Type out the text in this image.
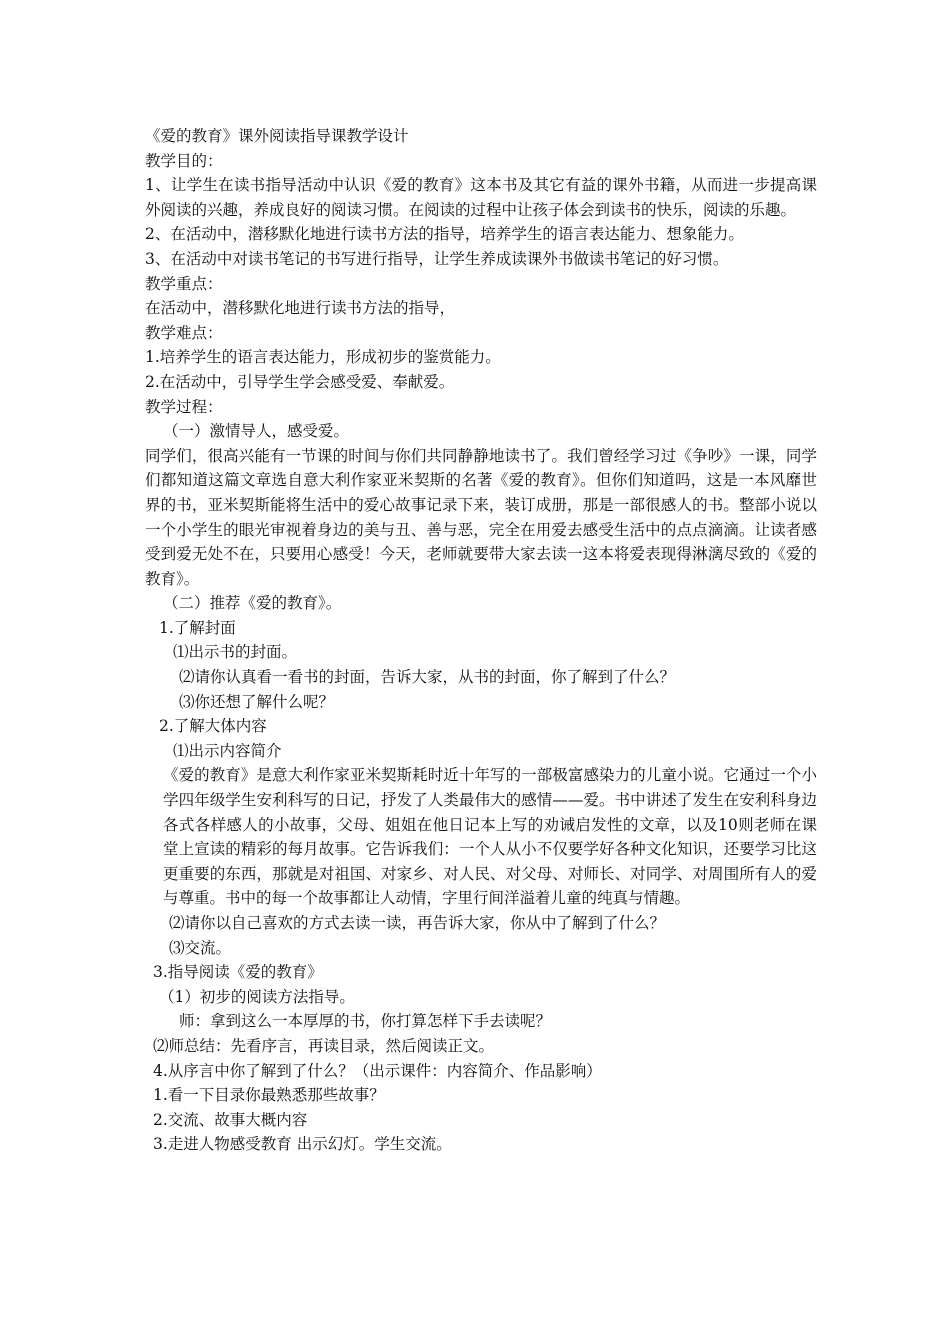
《爱的教育》课外阅读指导课教学设计

教学目的：

1、让学生在读书指导活动中认识《爱的教育》这本书及其它有益的课外书籍，从而进一步提高课外阅读的兴趣，养成良好的阅读习惯。在阅读的过程中让孩子体会到读书的快乐，阅读的乐趣。

2、在活动中，潜移默化地进行读书方法的指导，培养学生的语言表达能力、想象能力。

3、在活动中对读书笔记的书写进行指导，让学生养成读课外书做读书笔记的好习惯。

教学重点：

在活动中，潜移默化地进行读书方法的指导，

教学难点：

1.培养学生的语言表达能力，形成初步的鉴赏能力。

2.在活动中，引导学生学会感受爱、奉献爱。

教学过程：

（一）激情导人，感受爱。

同学们，很高兴能有一节课的时间与你们共同静静地读书了。我们曾经学习过《争吵》一课，同学们都知道这篇文章选自意大利作家亚米契斯的名著《爱的教育》。但你们知道吗，这是一本风靡世界的书，亚米契斯能将生活中的爱心故事记录下来，装订成册，那是一部很感人的书。整部小说以一个小学生的眼光审视着身边的美与丑、善与恶，完全在用爱去感受生活中的点点滴滴。让读者感受到爱无处不在，只要用心感受！今天，老师就要带大家去读一这本将爱表现得淋漓尽致的《爱的教育》。

（二）推荐《爱的教育》。

1.了解封面

⑴出示书的封面。

⑵请你认真看一看书的封面，告诉大家，从书的封面，你了解到了什么？

⑶你还想了解什么呢？

2.了解大体内容

⑴出示内容简介

《爱的教育》是意大利作家亚米契斯耗时近十年写的一部极富感染力的儿童小说。它通过一个小学四年级学生安利科写的日记，抒发了人类最伟大的感情——爱。书中讲述了发生在安利科身边各式各样感人的小故事，父母、姐姐在他日记本上写的劝诫启发性的文章，以及10则老师在课堂上宣读的精彩的每月故事。它告诉我们：一个人从小不仅要学好各种文化知识，还要学习比这更重要的东西，那就是对祖国、对家乡、对人民、对父母、对师长、对同学、对周围所有人的爱与尊重。书中的每一个故事都让人动情，字里行间洋溢着儿童的纯真与情趣。

⑵请你以自己喜欢的方式去读一读，再告诉大家，你从中了解到了什么？

⑶交流。

3.指导阅读《爱的教育》

（1）初步的阅读方法指导。

师：拿到这么一本厚厚的书，你打算怎样下手去读呢？

⑵师总结：先看序言，再读目录，然后阅读正文。

4.从序言中你了解到了什么？（出示课件：内容简介、作品影响）

1.看一下目录你最熟悉那些故事？

2.交流、故事大概内容

3.走进人物感受教育 出示幻灯。学生交流。
